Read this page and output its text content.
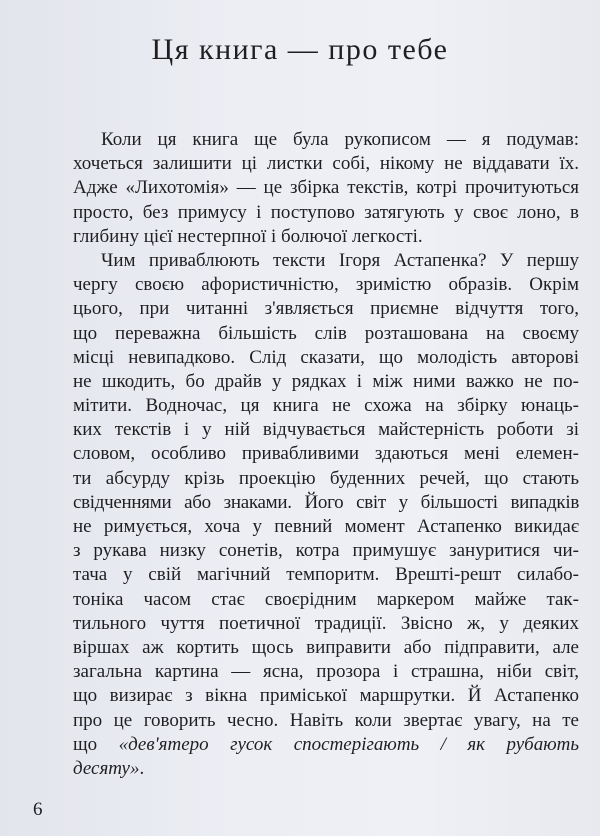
Ця книга — про тебе
Коли ця книга ще була рукописом — я подумав:
хочеться залишити ці листки собі, нікому не віддавати їх.
Адже «Лихотомія» — це збірка текстів, котрі прочитуються
просто, без примусу і поступово затягують у своє лоно, в
глибину цієї нестерпної і болючої легкості.
Чим приваблюють тексти Ігоря Астапенка? У першу
чергу своєю афористичністю, зримістю образів. Окрім
цього, при читанні з'являється приємне відчуття того,
що переважна більшість слів розташована на своєму
місці невипадково. Слід сказати, що молодість авторові
не шкодить, бо драйв у рядках і між ними важко не по-
мітити. Водночас, ця книга не схожа на збірку юнаць-
ких текстів і у ній відчувається майстерність роботи зі
словом, особливо привабливими здаються мені елемен-
ти абсурду крізь проекцію буденних речей, що стають
свідченнями або знаками. Його світ у більшості випадків
не римується, хоча у певний момент Астапенко викидає
з рукава низку сонетів, котра примушує зануритися чи-
тача у свій магічний темпоритм. Врешті-решт силабо-
тоніка часом стає своєрідним маркером майже так-
тильного чуття поетичної традиції. Звісно ж, у деяких
віршах аж кортить щось виправити або підправити, але
загальна картина — ясна, прозора і страшна, ніби світ,
що визирає з вікна приміської маршрутки. Й Астапенко
про це говорить чесно. Навіть коли звертає увагу, на те
що «дев'ятеро гусок спостерігають / як рубають
десяту».
6
